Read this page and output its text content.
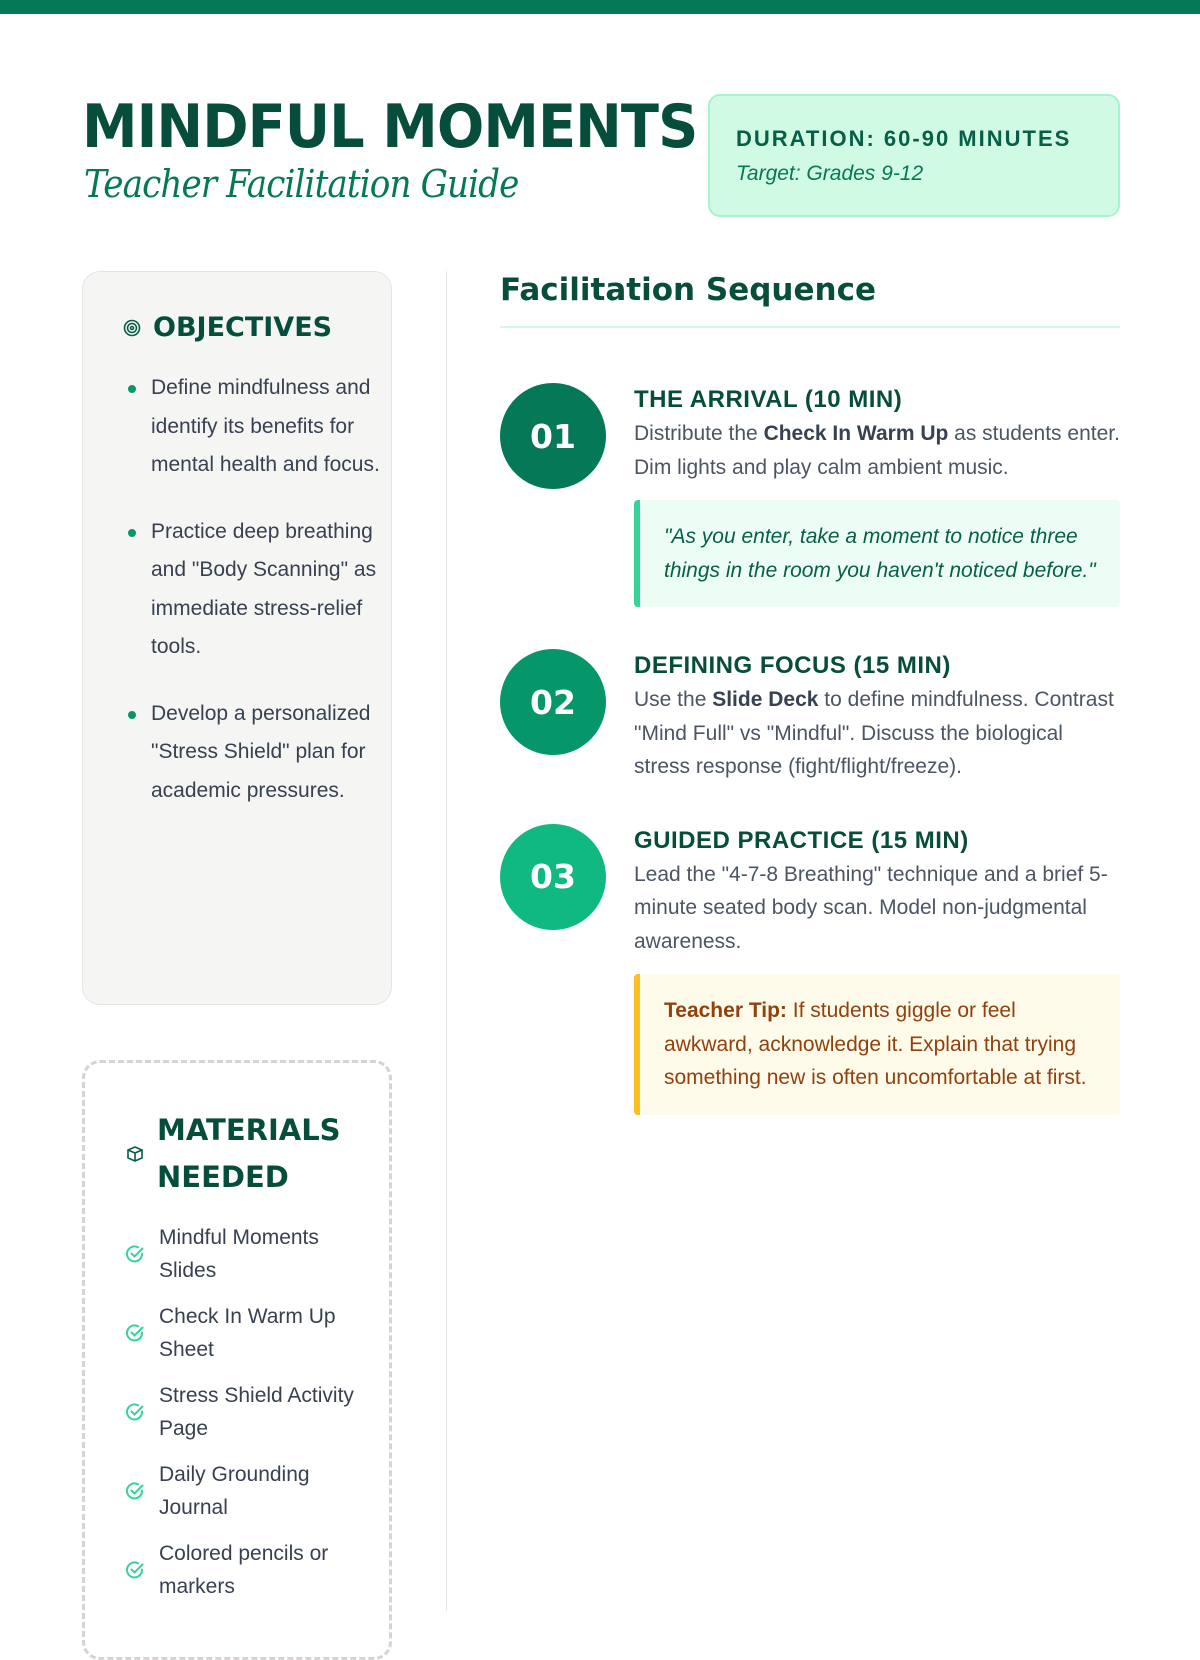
MINDFUL MOMENTS
Teacher Facilitation Guide
DURATION: 60-90 MINUTES
Target: Grades 9-12
OBJECTIVES
Define mindfulness and identify its benefits for mental health and focus.
Practice deep breathing and "Body Scanning" as immediate stress-relief tools.
Develop a personalized "Stress Shield" plan for academic pressures.
MATERIALS NEEDED
Mindful Moments Slides
Check In Warm Up Sheet
Stress Shield Activity Page
Daily Grounding Journal
Colored pencils or markers
Facilitation Sequence
01
THE ARRIVAL (10 MIN)
Distribute the Check In Warm Up as students enter. Dim lights and play calm ambient music.
"As you enter, take a moment to notice three things in the room you haven't noticed before."
02
DEFINING FOCUS (15 MIN)
Use the Slide Deck to define mindfulness. Contrast "Mind Full" vs "Mindful". Discuss the biological stress response (fight/flight/freeze).
03
GUIDED PRACTICE (15 MIN)
Lead the "4-7-8 Breathing" technique and a brief 5-minute seated body scan. Model non-judgmental awareness.
Teacher Tip: If students giggle or feel awkward, acknowledge it. Explain that trying something new is often uncomfortable at first.
